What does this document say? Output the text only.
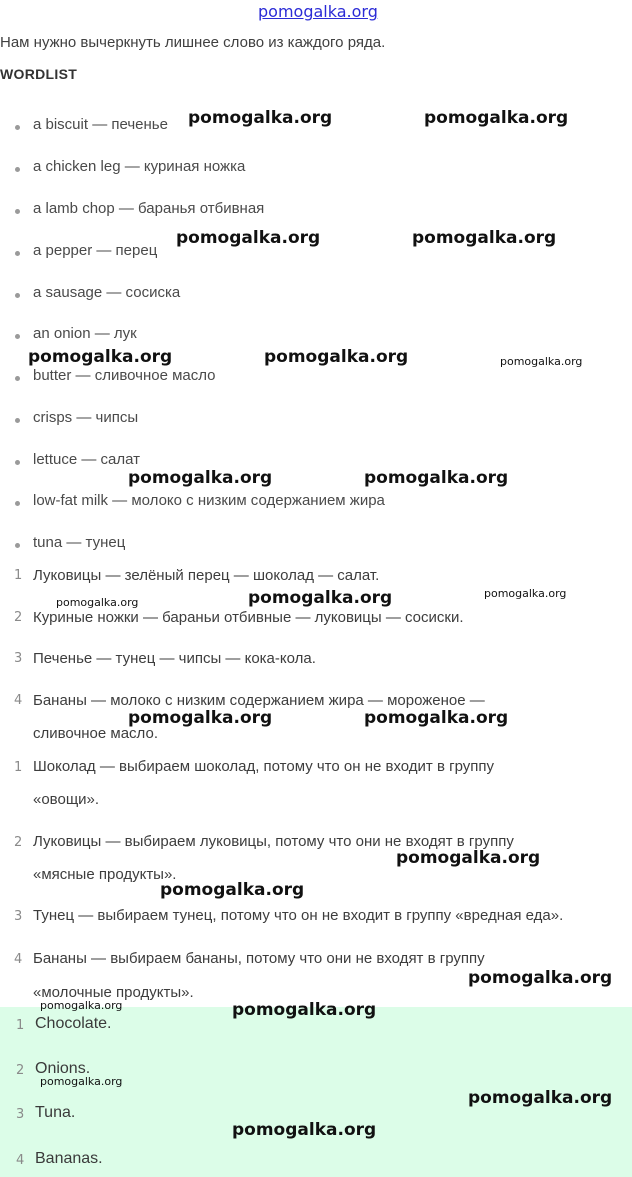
pomogalka.org
Нам нужно вычеркнуть лишнее слово из каждого ряда.
WORDLIST
a biscuit — печенье
a chicken leg — куриная ножка
a lamb chop — баранья отбивная
a pepper — перец
a sausage — сосиска
an onion — лук
butter — сливочное масло
crisps — чипсы
lettuce — салат
low-fat milk — молоко с низким содержанием жира
tuna — тунец
1 Луковицы — зелёный перец — шоколад — салат.
2 Куриные ножки — бараньи отбивные — луковицы — сосиски.
3 Печенье — тунец — чипсы — кока-кола.
4 Бананы — молоко с низким содержанием жира — мороженое —
сливочное масло.
1 Шоколад — выбираем шоколад, потому что он не входит в группу
«овощи».
2 Луковицы — выбираем луковицы, потому что они не входят в группу
«мясные продукты».
3 Тунец — выбираем тунец, потому что он не входит в группу «вредная еда».
4 Бананы — выбираем бананы, потому что они не входят в группу
«молочные продукты».
1 Chocolate.
2 Onions.
3 Tuna.
4 Bananas.
pomogalka.org	pomogalka.org
pomogalka.org	pomogalka.org
pomogalka.org	pomogalka.org	pomogalka.org
pomogalka.org	pomogalka.org
pomogalka.org	pomogalka.org	pomogalka.org
pomogalka.org	pomogalka.org
pomogalka.org
pomogalka.org
pomogalka.org
pomogalka.org	pomogalka.org
pomogalka.org
pomogalka.org
pomogalka.org
